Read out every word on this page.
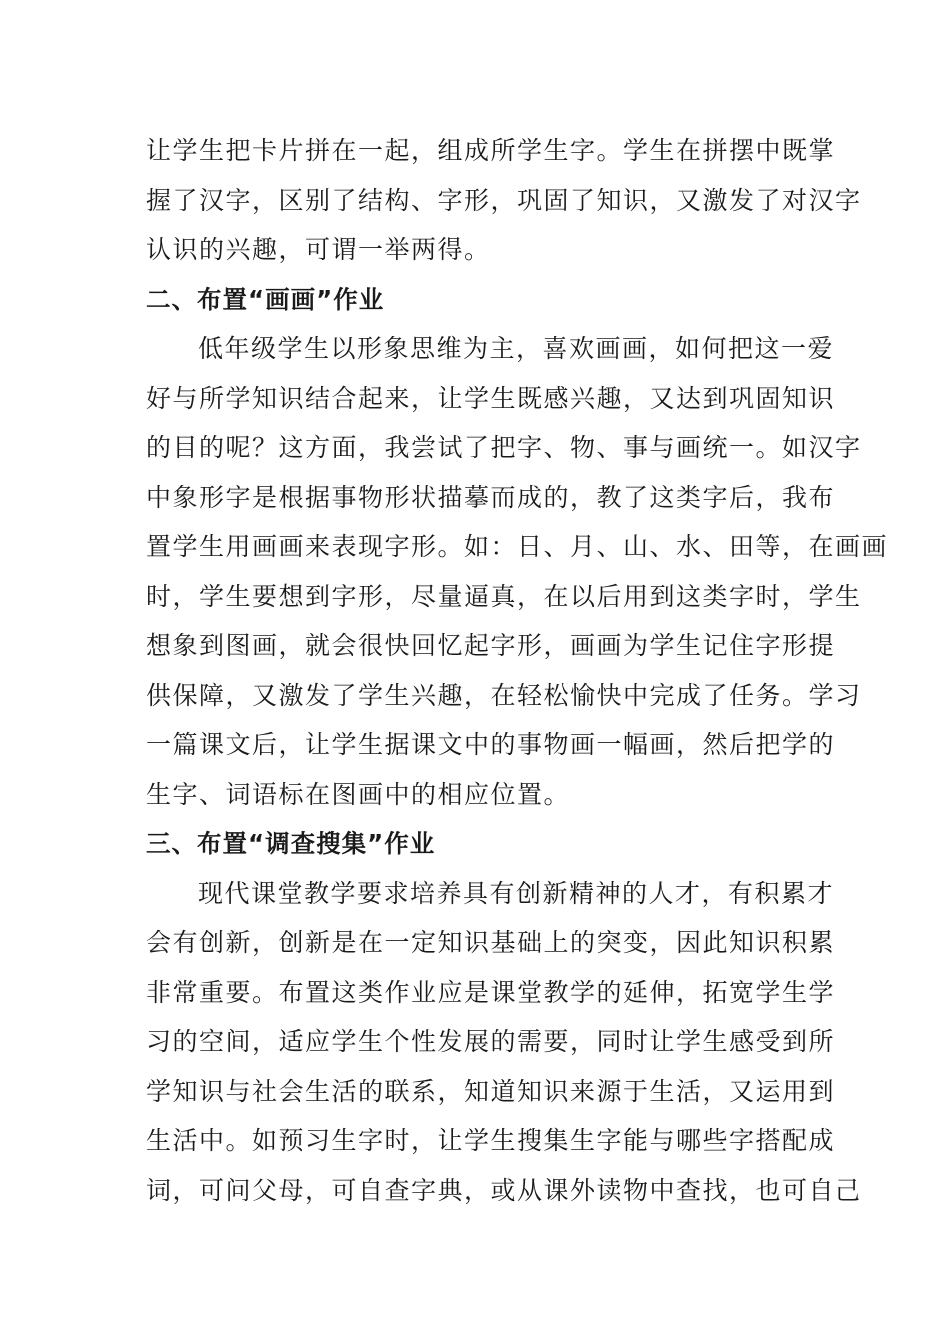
让学生把卡片拼在一起，组成所学生字。学生在拼摆中既掌
握了汉字，区别了结构、字形，巩固了知识，又激发了对汉字
认识的兴趣，可谓一举两得。
二、布置“画画”作业
低年级学生以形象思维为主，喜欢画画，如何把这一爱
好与所学知识结合起来，让学生既感兴趣，又达到巩固知识
的目的呢？这方面，我尝试了把字、物、事与画统一。如汉字
中象形字是根据事物形状描摹而成的，教了这类字后，我布
置学生用画画来表现字形。如：日、月、山、水、田等，在画画
时，学生要想到字形，尽量逼真，在以后用到这类字时，学生
想象到图画，就会很快回忆起字形，画画为学生记住字形提
供保障，又激发了学生兴趣，在轻松愉快中完成了任务。学习
一篇课文后，让学生据课文中的事物画一幅画，然后把学的
生字、词语标在图画中的相应位置。
三、布置“调查搜集”作业
现代课堂教学要求培养具有创新精神的人才，有积累才
会有创新，创新是在一定知识基础上的突变，因此知识积累
非常重要。布置这类作业应是课堂教学的延伸，拓宽学生学
习的空间，适应学生个性发展的需要，同时让学生感受到所
学知识与社会生活的联系，知道知识来源于生活，又运用到
生活中。如预习生字时，让学生搜集生字能与哪些字搭配成
词，可问父母，可自查字典，或从课外读物中查找，也可自己
